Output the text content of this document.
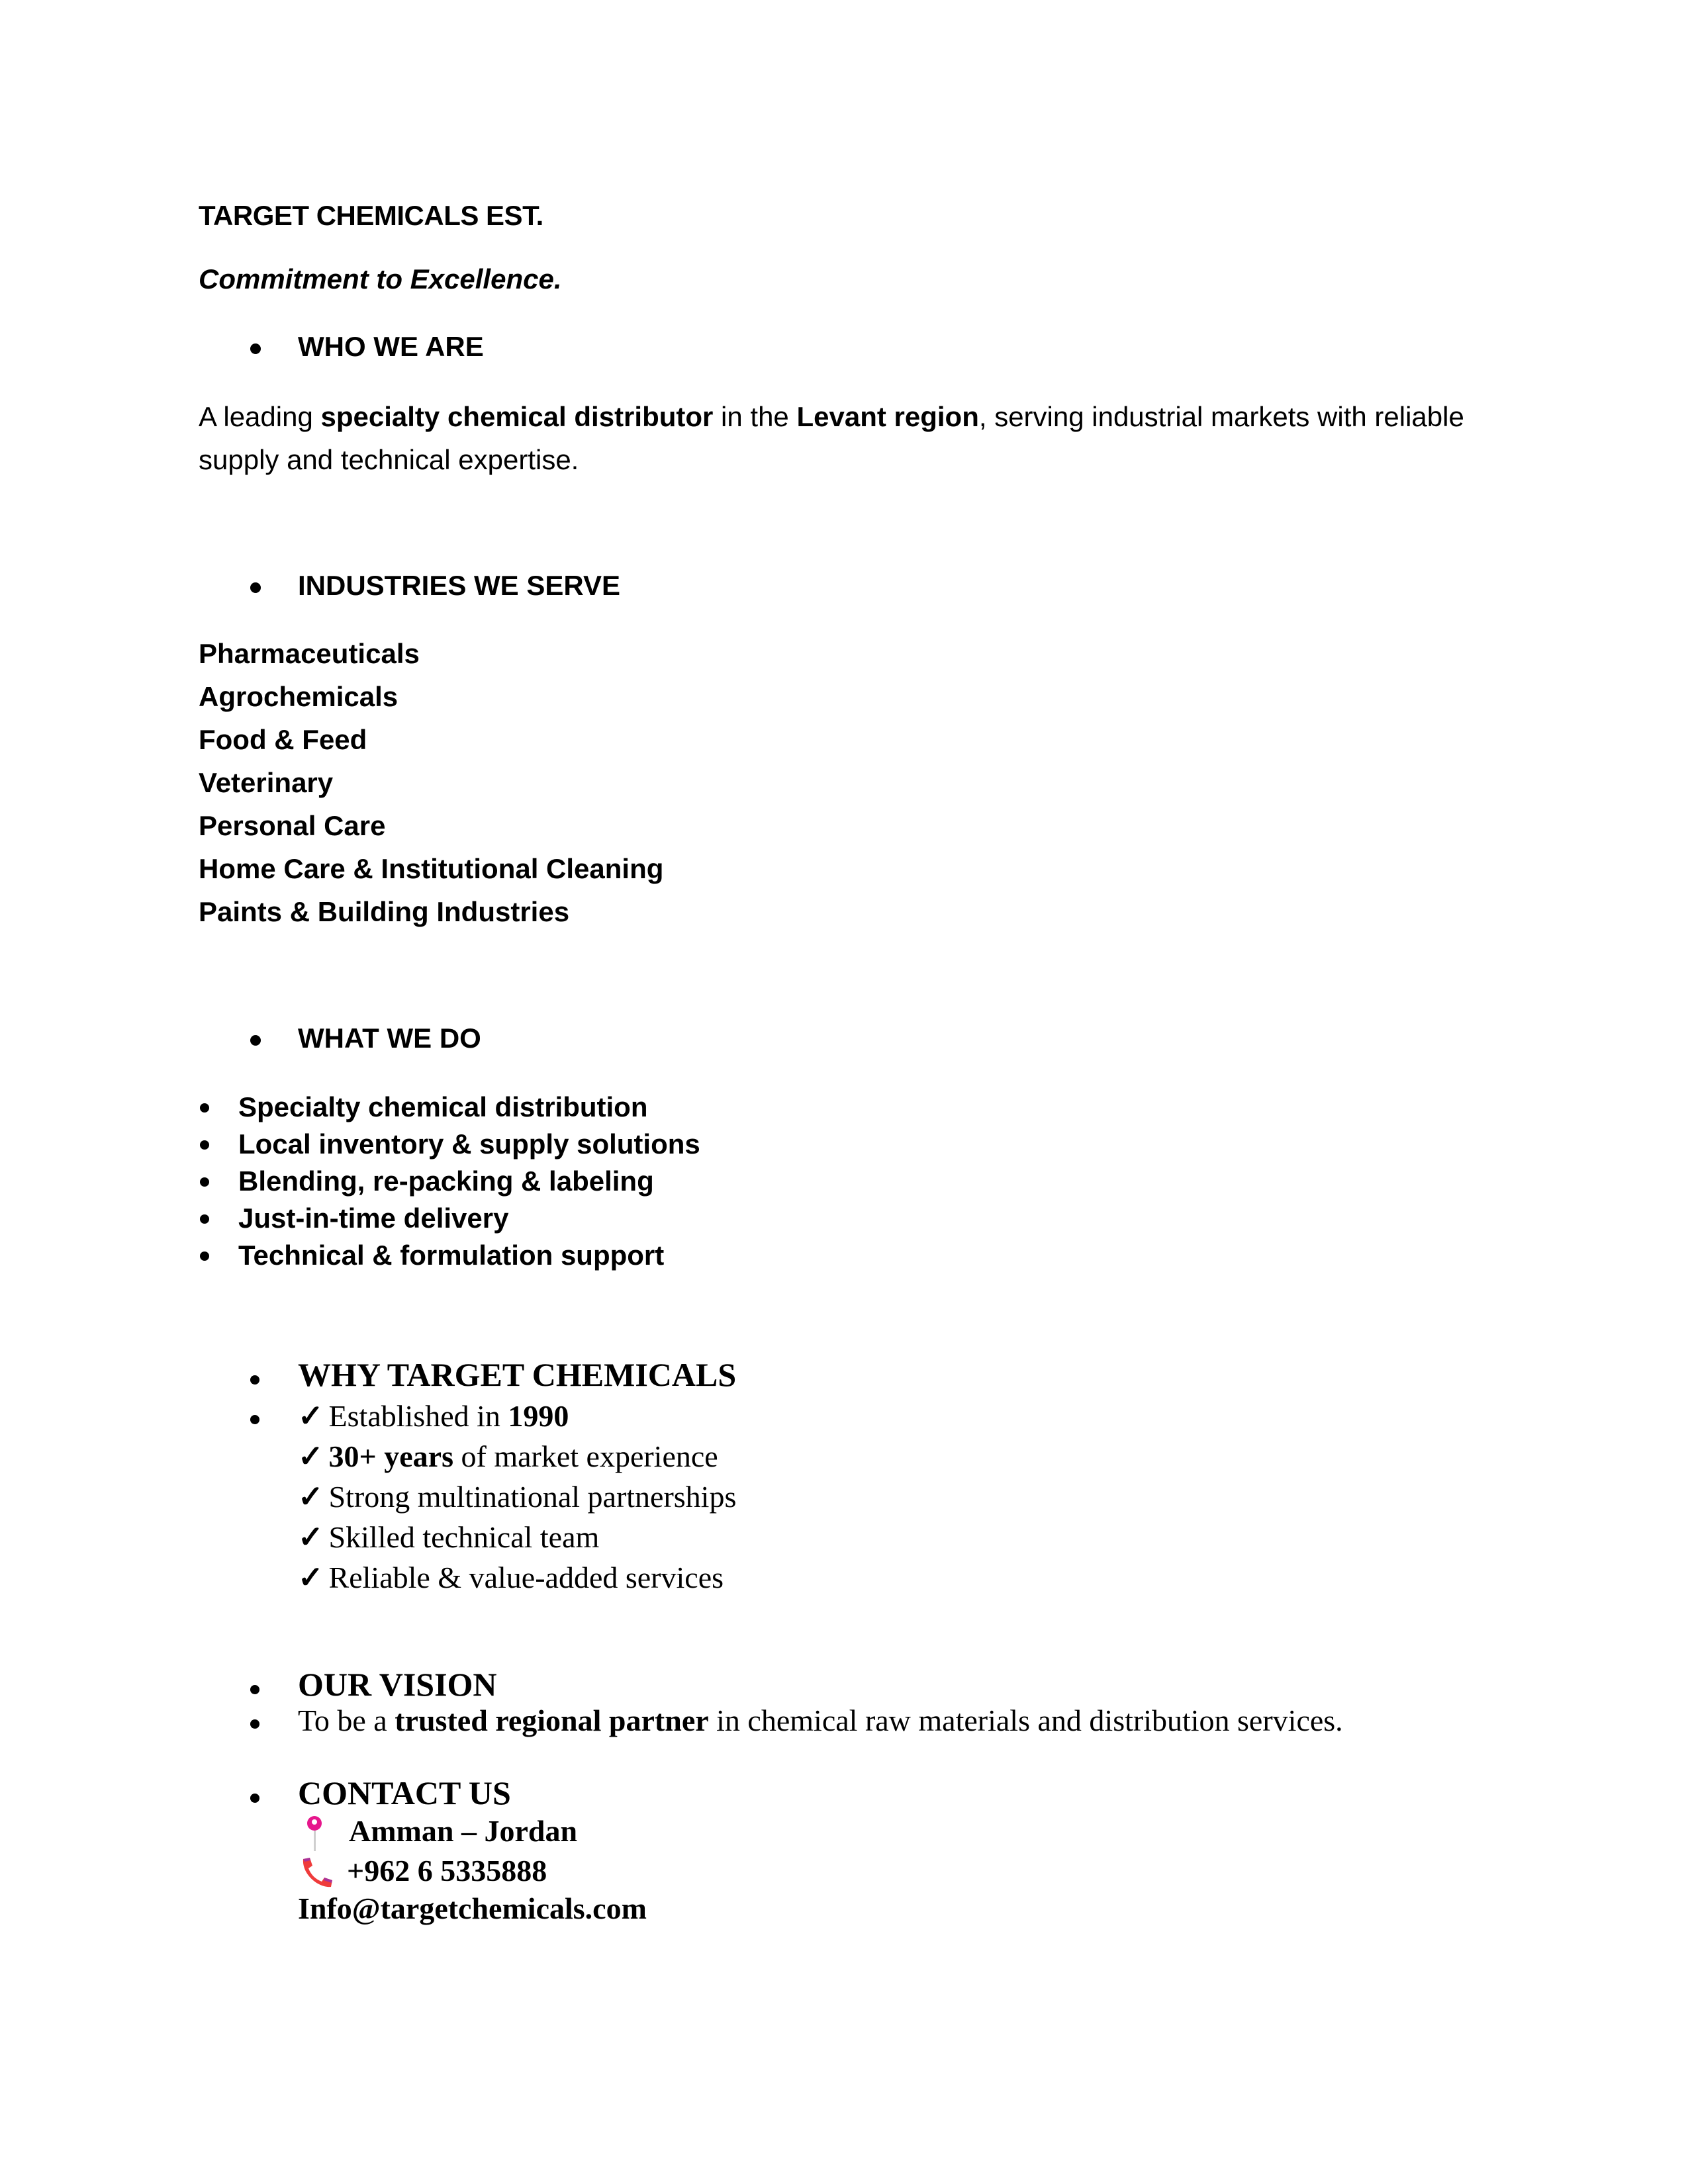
TARGET CHEMICALS EST.
Commitment to Excellence.
WHO WE ARE
A leading specialty chemical distributor in the Levant region, serving industrial markets with reliable supply and technical expertise.
INDUSTRIES WE SERVE
Pharmaceuticals
Agrochemicals
Food & Feed
Veterinary
Personal Care
Home Care & Institutional Cleaning
Paints & Building Industries
WHAT WE DO
Specialty chemical distribution
Local inventory & supply solutions
Blending, re-packing & labeling
Just-in-time delivery
Technical & formulation support
WHY TARGET CHEMICALS
✓ Established in 1990
✓ 30+ years of market experience
✓ Strong multinational partnerships
✓ Skilled technical team
✓ Reliable & value-added services
OUR VISION
To be a trusted regional partner in chemical raw materials and distribution services.
CONTACT US
Amman – Jordan
+962 6 5335888
Info@targetchemicals.com
